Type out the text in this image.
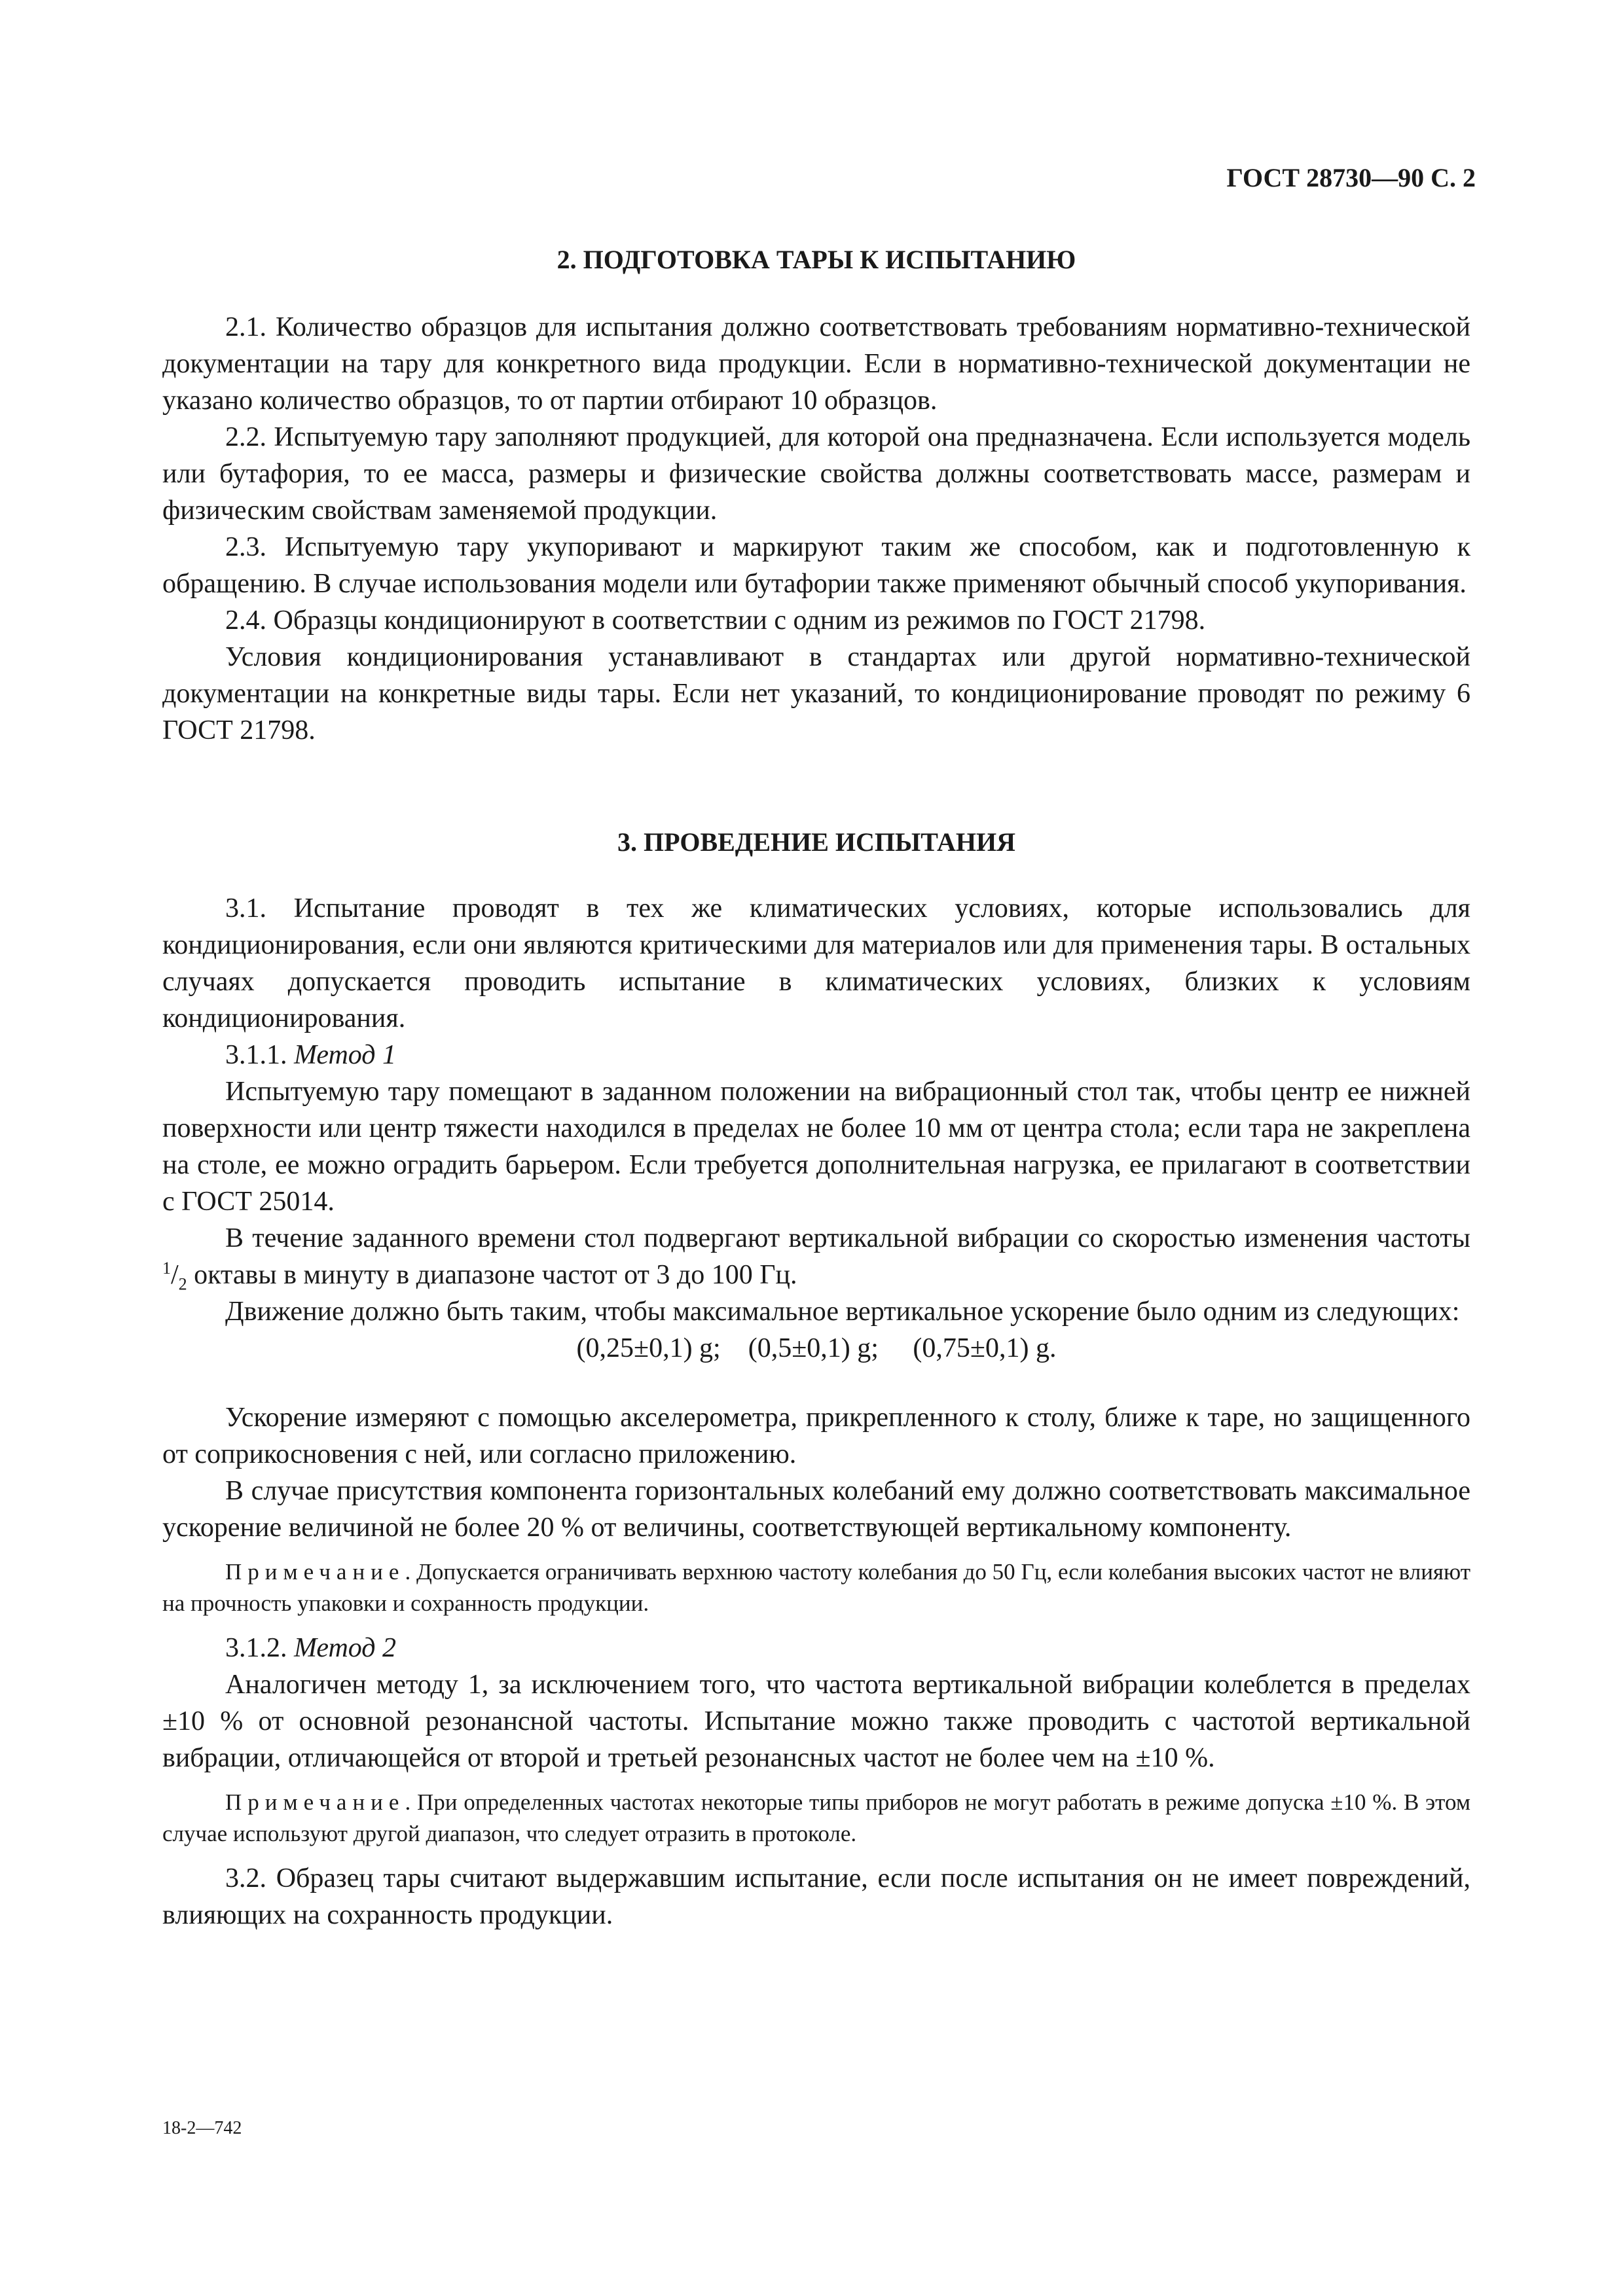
ГОСТ 28730—90 С. 2
2. ПОДГОТОВКА ТАРЫ К ИСПЫТАНИЮ

2.1. Количество образцов для испытания должно соответствовать требованиям нормативно-технической документации на тару для конкретного вида продукции. Если в нормативно-технической документации не указано количество образцов, то от партии отбирают 10 образцов.

2.2. Испытуемую тару заполняют продукцией, для которой она предназначена. Если используется модель или бутафория, то ее масса, размеры и физические свойства должны соответствовать массе, размерам и физическим свойствам заменяемой продукции.

2.3. Испытуемую тару укупоривают и маркируют таким же способом, как и подготовленную к обращению. В случае использования модели или бутафории также применяют обычный способ укупоривания.

2.4. Образцы кондиционируют в соответствии с одним из режимов по ГОСТ 21798.

Условия кондиционирования устанавливают в стандартах или другой нормативно-технической документации на конкретные виды тары. Если нет указаний, то кондиционирование проводят по режиму 6 ГОСТ 21798.

3. ПРОВЕДЕНИЕ ИСПЫТАНИЯ

3.1. Испытание проводят в тех же климатических условиях, которые использовались для кондиционирования, если они являются критическими для материалов или для применения тары. В остальных случаях допускается проводить испытание в климатических условиях, близких к условиям кондиционирования.

3.1.1. Метод 1

Испытуемую тару помещают в заданном положении на вибрационный стол так, чтобы центр ее нижней поверхности или центр тяжести находился в пределах не более 10 мм от центра стола; если тара не закреплена на столе, ее можно оградить барьером. Если требуется дополнительная нагрузка, ее прилагают в соответствии с ГОСТ 25014.

В течение заданного времени стол подвергают вертикальной вибрации со скоростью изменения частоты $^1/_2$ октавы в минуту в диапазоне частот от 3 до 100 Гц.

Движение должно быть таким, чтобы максимальное вертикальное ускорение было одним из следующих:

(0,25±0,1) g;    (0,5±0,1) g;     (0,75±0,1) g.

Ускорение измеряют с помощью акселерометра, прикрепленного к столу, ближе к таре, но защищенного от соприкосновения с ней, или согласно приложению.

В случае присутствия компонента горизонтальных колебаний ему должно соответствовать максимальное ускорение величиной не более 20 % от величины, соответствующей вертикальному компоненту.

Примечание. Допускается ограничивать верхнюю частоту колебания до 50 Гц, если колебания высоких частот не влияют на прочность упаковки и сохранность продукции.

3.1.2. Метод 2

Аналогичен методу 1, за исключением того, что частота вертикальной вибрации колеблется в пределах ±10 % от основной резонансной частоты. Испытание можно также проводить с частотой вертикальной вибрации, отличающейся от второй и третьей резонансных частот не более чем на ±10 %.

Примечание. При определенных частотах некоторые типы приборов не могут работать в режиме допуска ±10 %. В этом случае используют другой диапазон, что следует отразить в протоколе.

3.2. Образец тары считают выдержавшим испытание, если после испытания он не имеет повреждений, влияющих на сохранность продукции.

18-2—742
